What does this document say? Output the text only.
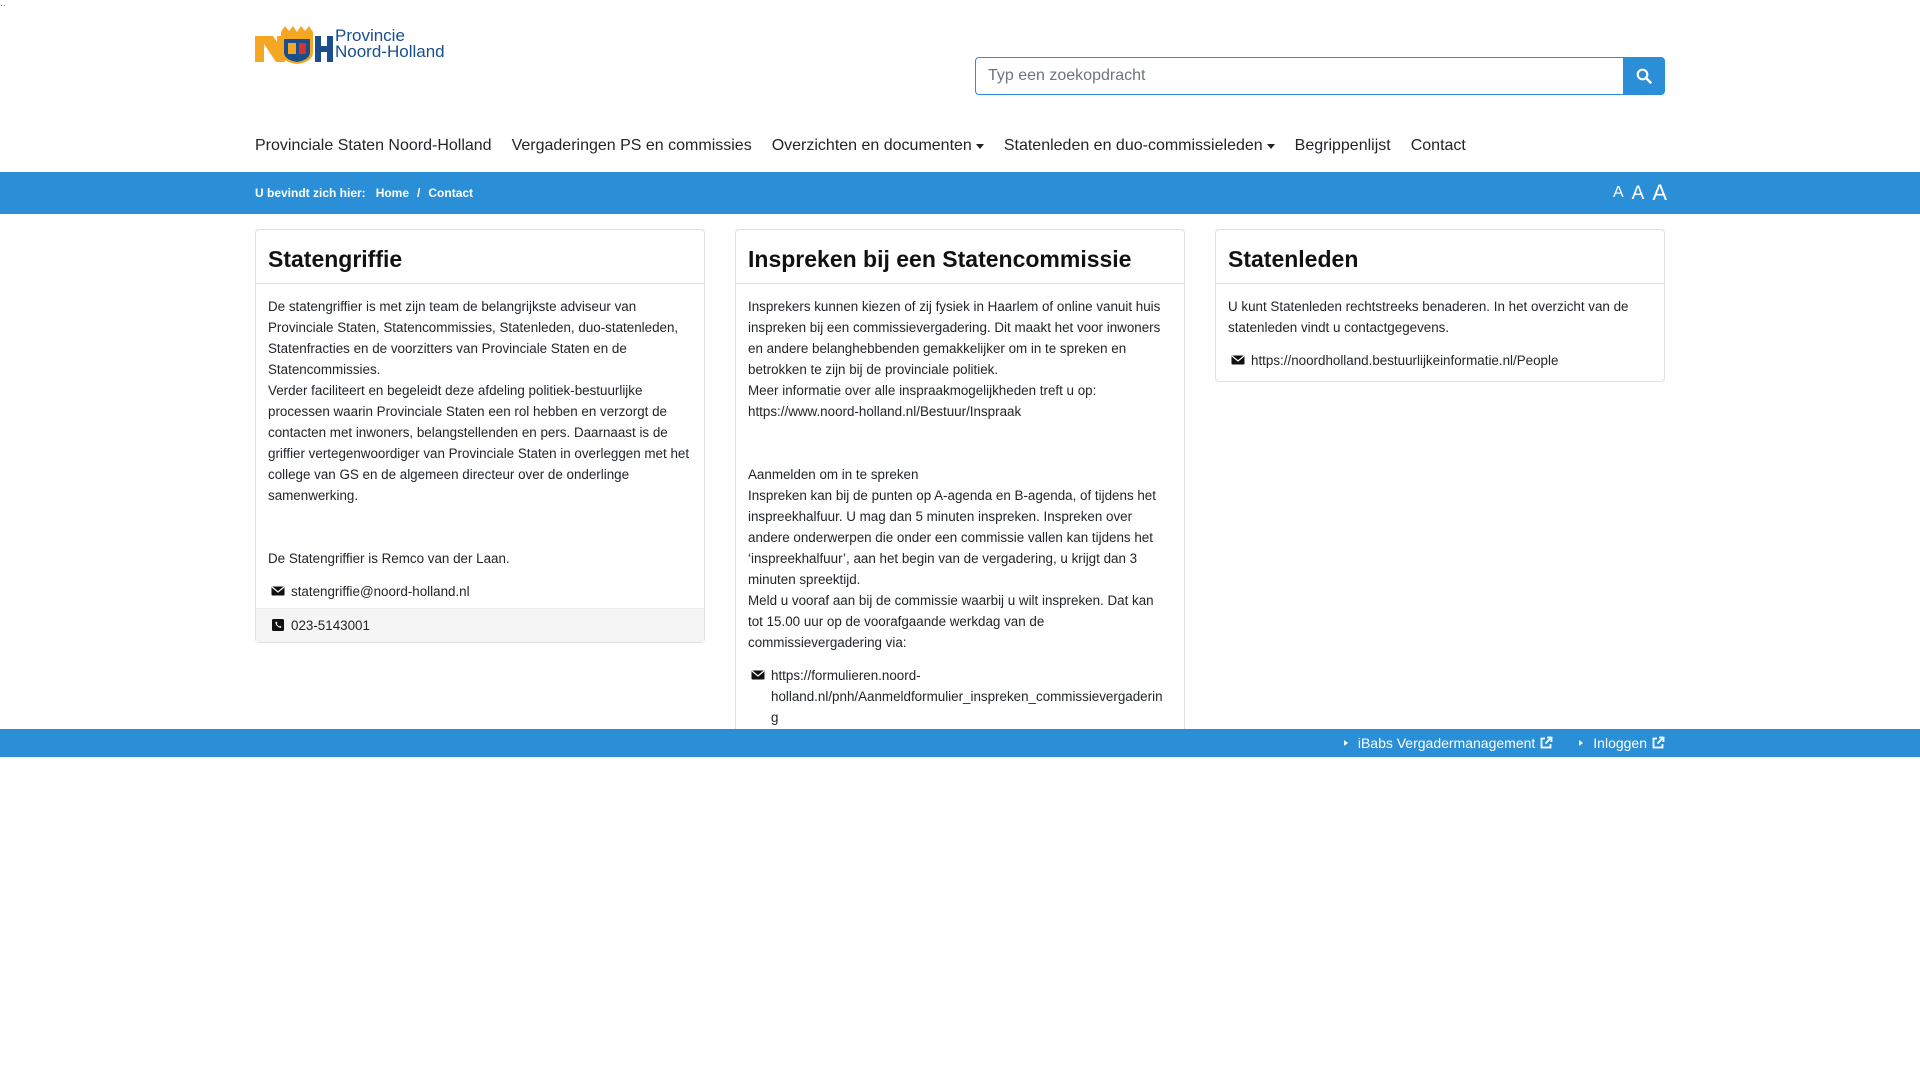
··
Provincie
Noord-Holland
Typ een zoekopdracht
Provinciale Staten Noord-Holland Vergaderingen PS en commissies Overzichten en documenten Statenleden en duo-commissieleden Begrippenlijst Contact
U bevindt zich hier: Home / Contact	A A A
Statengriffie

De statengriffier is met zijn team de belangrijkste adviseur van Provinciale Staten, Statencommissies, Statenleden, duo-statenleden, Statenfracties en de voorzitters van Provinciale Staten en de Statencommissies.
Verder faciliteert en begeleidt deze afdeling politiek-bestuurlijke processen waarin Provinciale Staten een rol hebben en verzorgt de contacten met inwoners, belangstellenden en pers. Daarnaast is de griffier vertegenwoordiger van Provinciale Staten in overleggen met het college van GS en de algemeen directeur over de onderlinge samenwerking.

De Statengriffier is Remco van der Laan.

statengriffie@noord-holland.nl
023-5143001
Inspreken bij een Statencommissie

Insprekers kunnen kiezen of zij fysiek in Haarlem of online vanuit huis inspreken bij een commissievergadering. Dit maakt het voor inwoners en andere belanghebbenden gemakkelijker om in te spreken en betrokken te zijn bij de provinciale politiek.
Meer informatie over alle inspraakmogelijkheden treft u op: https://www.noord-holland.nl/Bestuur/Inspraak

Aanmelden om in te spreken
Inspreken kan bij de punten op A-agenda en B-agenda, of tijdens het inspreekhalfuur. U mag dan 5 minuten inspreken. Inspreken over andere onderwerpen die onder een commissie vallen kan tijdens het ‘inspreekhalfuur’, aan het begin van de vergadering, u krijgt dan 3 minuten spreektijd.
Meld u vooraf aan bij de commissie waarbij u wilt inspreken. Dat kan tot 15.00 uur op de voorafgaande werkdag van de commissievergadering via:

https://formulieren.noord-holland.nl/pnh/Aanmeldformulier_inspreken_commissievergadering
Statenleden

U kunt Statenleden rechtstreeks benaderen. In het overzicht van de statenleden vindt u contactgegevens.

https://noordholland.bestuurlijkeinformatie.nl/People
iBabs Vergadermanagement	Inloggen
